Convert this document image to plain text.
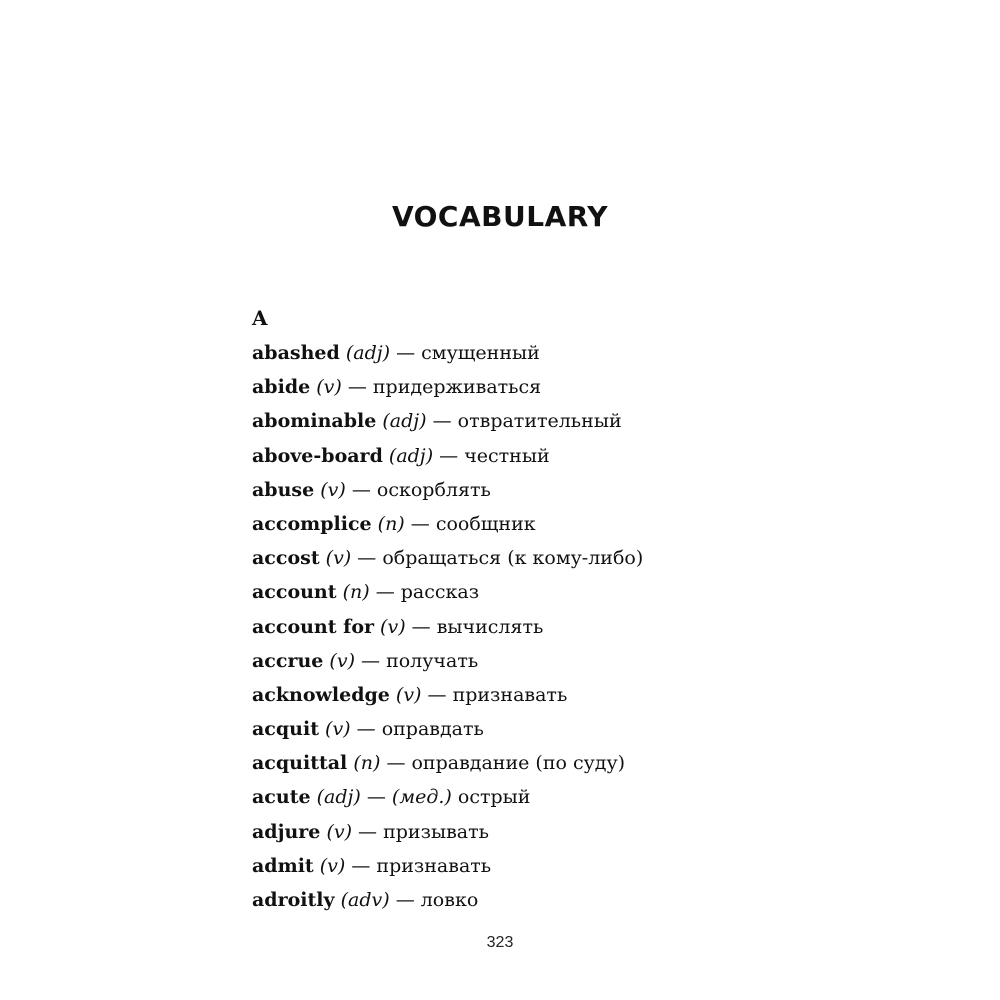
VOCABULARY
A
abashed (adj) — смущенный
abide (v) — придерживаться
abominable (adj) — отвратительный
above-board (adj) — честный
abuse (v) — оскорблять
accomplice (n) — сообщник
accost (v) — обращаться (к кому-либо)
account (n) — рассказ
account for (v) — вычислять
accrue (v) — получать
acknowledge (v) — признавать
acquit (v) — оправдать
acquittal (n) — оправдание (по суду)
acute (adj) — (мед.) острый
adjure (v) — призывать
admit (v) — признавать
adroitly (adv) — ловко
323
